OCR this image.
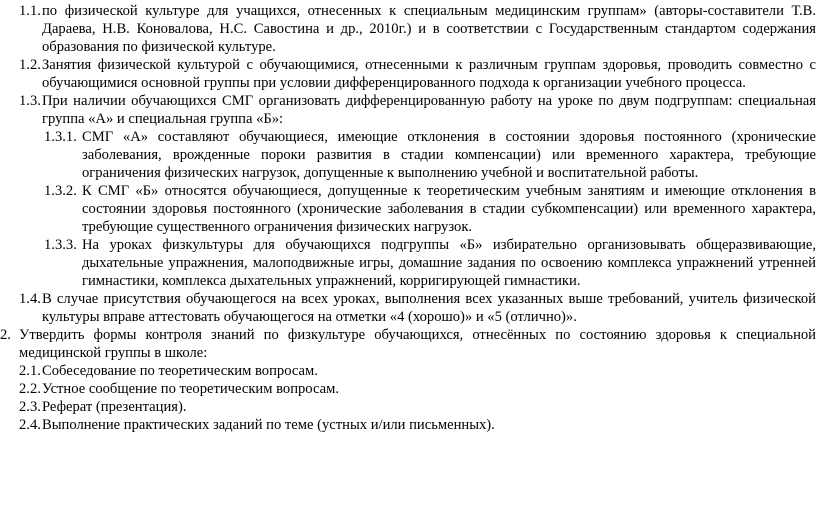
1.1. по физической культуре для учащихся, отнесенных к специальным медицинским группам» (авторы-составители Т.В. Дараева, Н.В. Коновалова, Н.С. Савостина и др., 2010г.) и в соответствии с Государственным стандартом содержания образования по физической культуре.
1.2. Занятия физической культурой с обучающимися, отнесенными к различным группам здоровья, проводить совместно с обучающимися основной группы при условии дифференцированного подхода к организации учебного процесса.
1.3. При наличии обучающихся СМГ организовать дифференцированную работу на уроке по двум подгруппам: специальная группа «А» и специальная группа «Б»:
1.3.1. СМГ «А» составляют обучающиеся, имеющие отклонения в состоянии здоровья постоянного (хронические заболевания, врожденные пороки развития в стадии компенсации) или временного характера, требующие ограничения физических нагрузок, допущенные к выполнению учебной и воспитательной работы.
1.3.2. К СМГ «Б» относятся обучающиеся, допущенные к теоретическим учебным занятиям и имеющие отклонения в состоянии здоровья постоянного (хронические заболевания в стадии субкомпенсации) или временного характера, требующие существенного ограничения физических нагрузок.
1.3.3. На уроках физкультуры для обучающихся подгруппы «Б» избирательно организовывать общеразвивающие, дыхательные упражнения, малоподвижные игры, домашние задания по освоению комплекса упражнений утренней гимнастики, комплекса дыхательных упражнений, корригирующей гимнастики.
1.4. В случае присутствия обучающегося на всех уроках, выполнения всех указанных выше требований, учитель физической культуры вправе аттестовать обучающегося на отметки «4 (хорошо)» и «5 (отлично)».
2. Утвердить формы контроля знаний по физкультуре обучающихся, отнесённых по состоянию здоровья к специальной медицинской группы в школе:
2.1. Собеседование по теоретическим вопросам.
2.2. Устное сообщение по теоретическим вопросам.
2.3. Реферат (презентация).
2.4. Выполнение практических заданий по теме (устных и/или письменных).
